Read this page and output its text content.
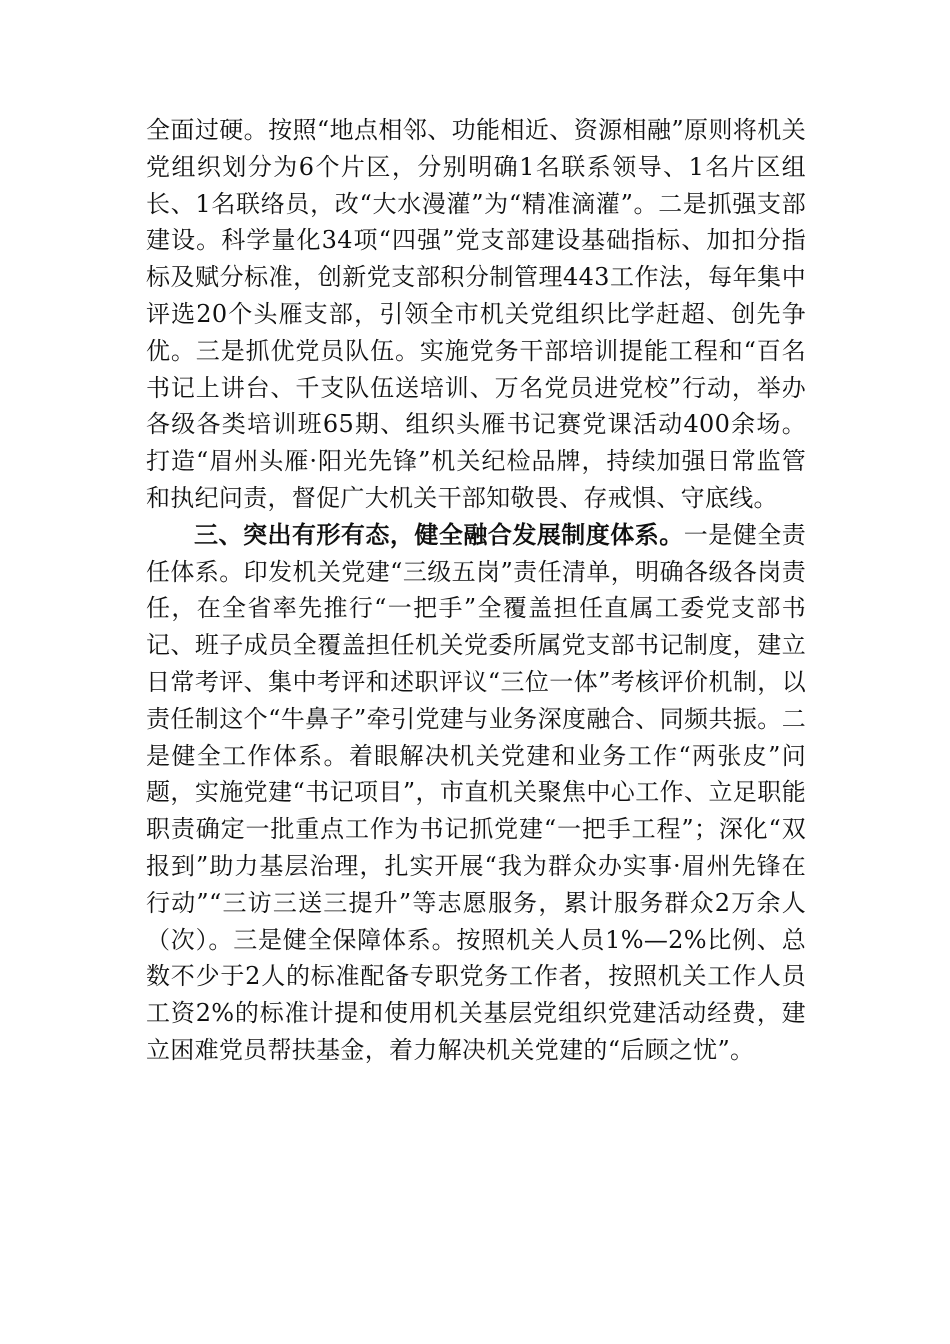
全面过硬。按照“地点相邻、功能相近、资源相融”原则将机关党组织划分为6个片区，分别明确1名联系领导、1名片区组长、1名联络员，改“大水漫灌”为“精准滴灌”。二是抓强支部建设。科学量化34项“四强”党支部建设基础指标、加扣分指标及赋分标准，创新党支部积分制管理443工作法，每年集中评选20个头雁支部，引领全市机关党组织比学赶超、创先争优。三是抓优党员队伍。实施党务干部培训提能工程和“百名书记上讲台、千支队伍送培训、万名党员进党校”行动，举办各级各类培训班65期、组织头雁书记赛党课活动400余场。打造“眉州头雁·阳光先锋”机关纪检品牌，持续加强日常监管和执纪问责，督促广大机关干部知敬畏、存戒惧、守底线。

三、突出有形有态，健全融合发展制度体系。一是健全责任体系。印发机关党建“三级五岗”责任清单，明确各级各岗责任，在全省率先推行“一把手”全覆盖担任直属工委党支部书记、班子成员全覆盖担任机关党委所属党支部书记制度，建立日常考评、集中考评和述职评议“三位一体”考核评价机制，以责任制这个“牛鼻子”牵引党建与业务深度融合、同频共振。二是健全工作体系。着眼解决机关党建和业务工作“两张皮”问题，实施党建“书记项目”，市直机关聚焦中心工作、立足职能职责确定一批重点工作为书记抓党建“一把手工程”；深化“双报到”助力基层治理，扎实开展“我为群众办实事·眉州先锋在行动”“三访三送三提升”等志愿服务，累计服务群众2万余人（次）。三是健全保障体系。按照机关人员1%—2%比例、总数不少于2人的标准配备专职党务工作者，按照机关工作人员工资2%的标准计提和使用机关基层党组织党建活动经费，建立困难党员帮扶基金，着力解决机关党建的“后顾之忧”。
